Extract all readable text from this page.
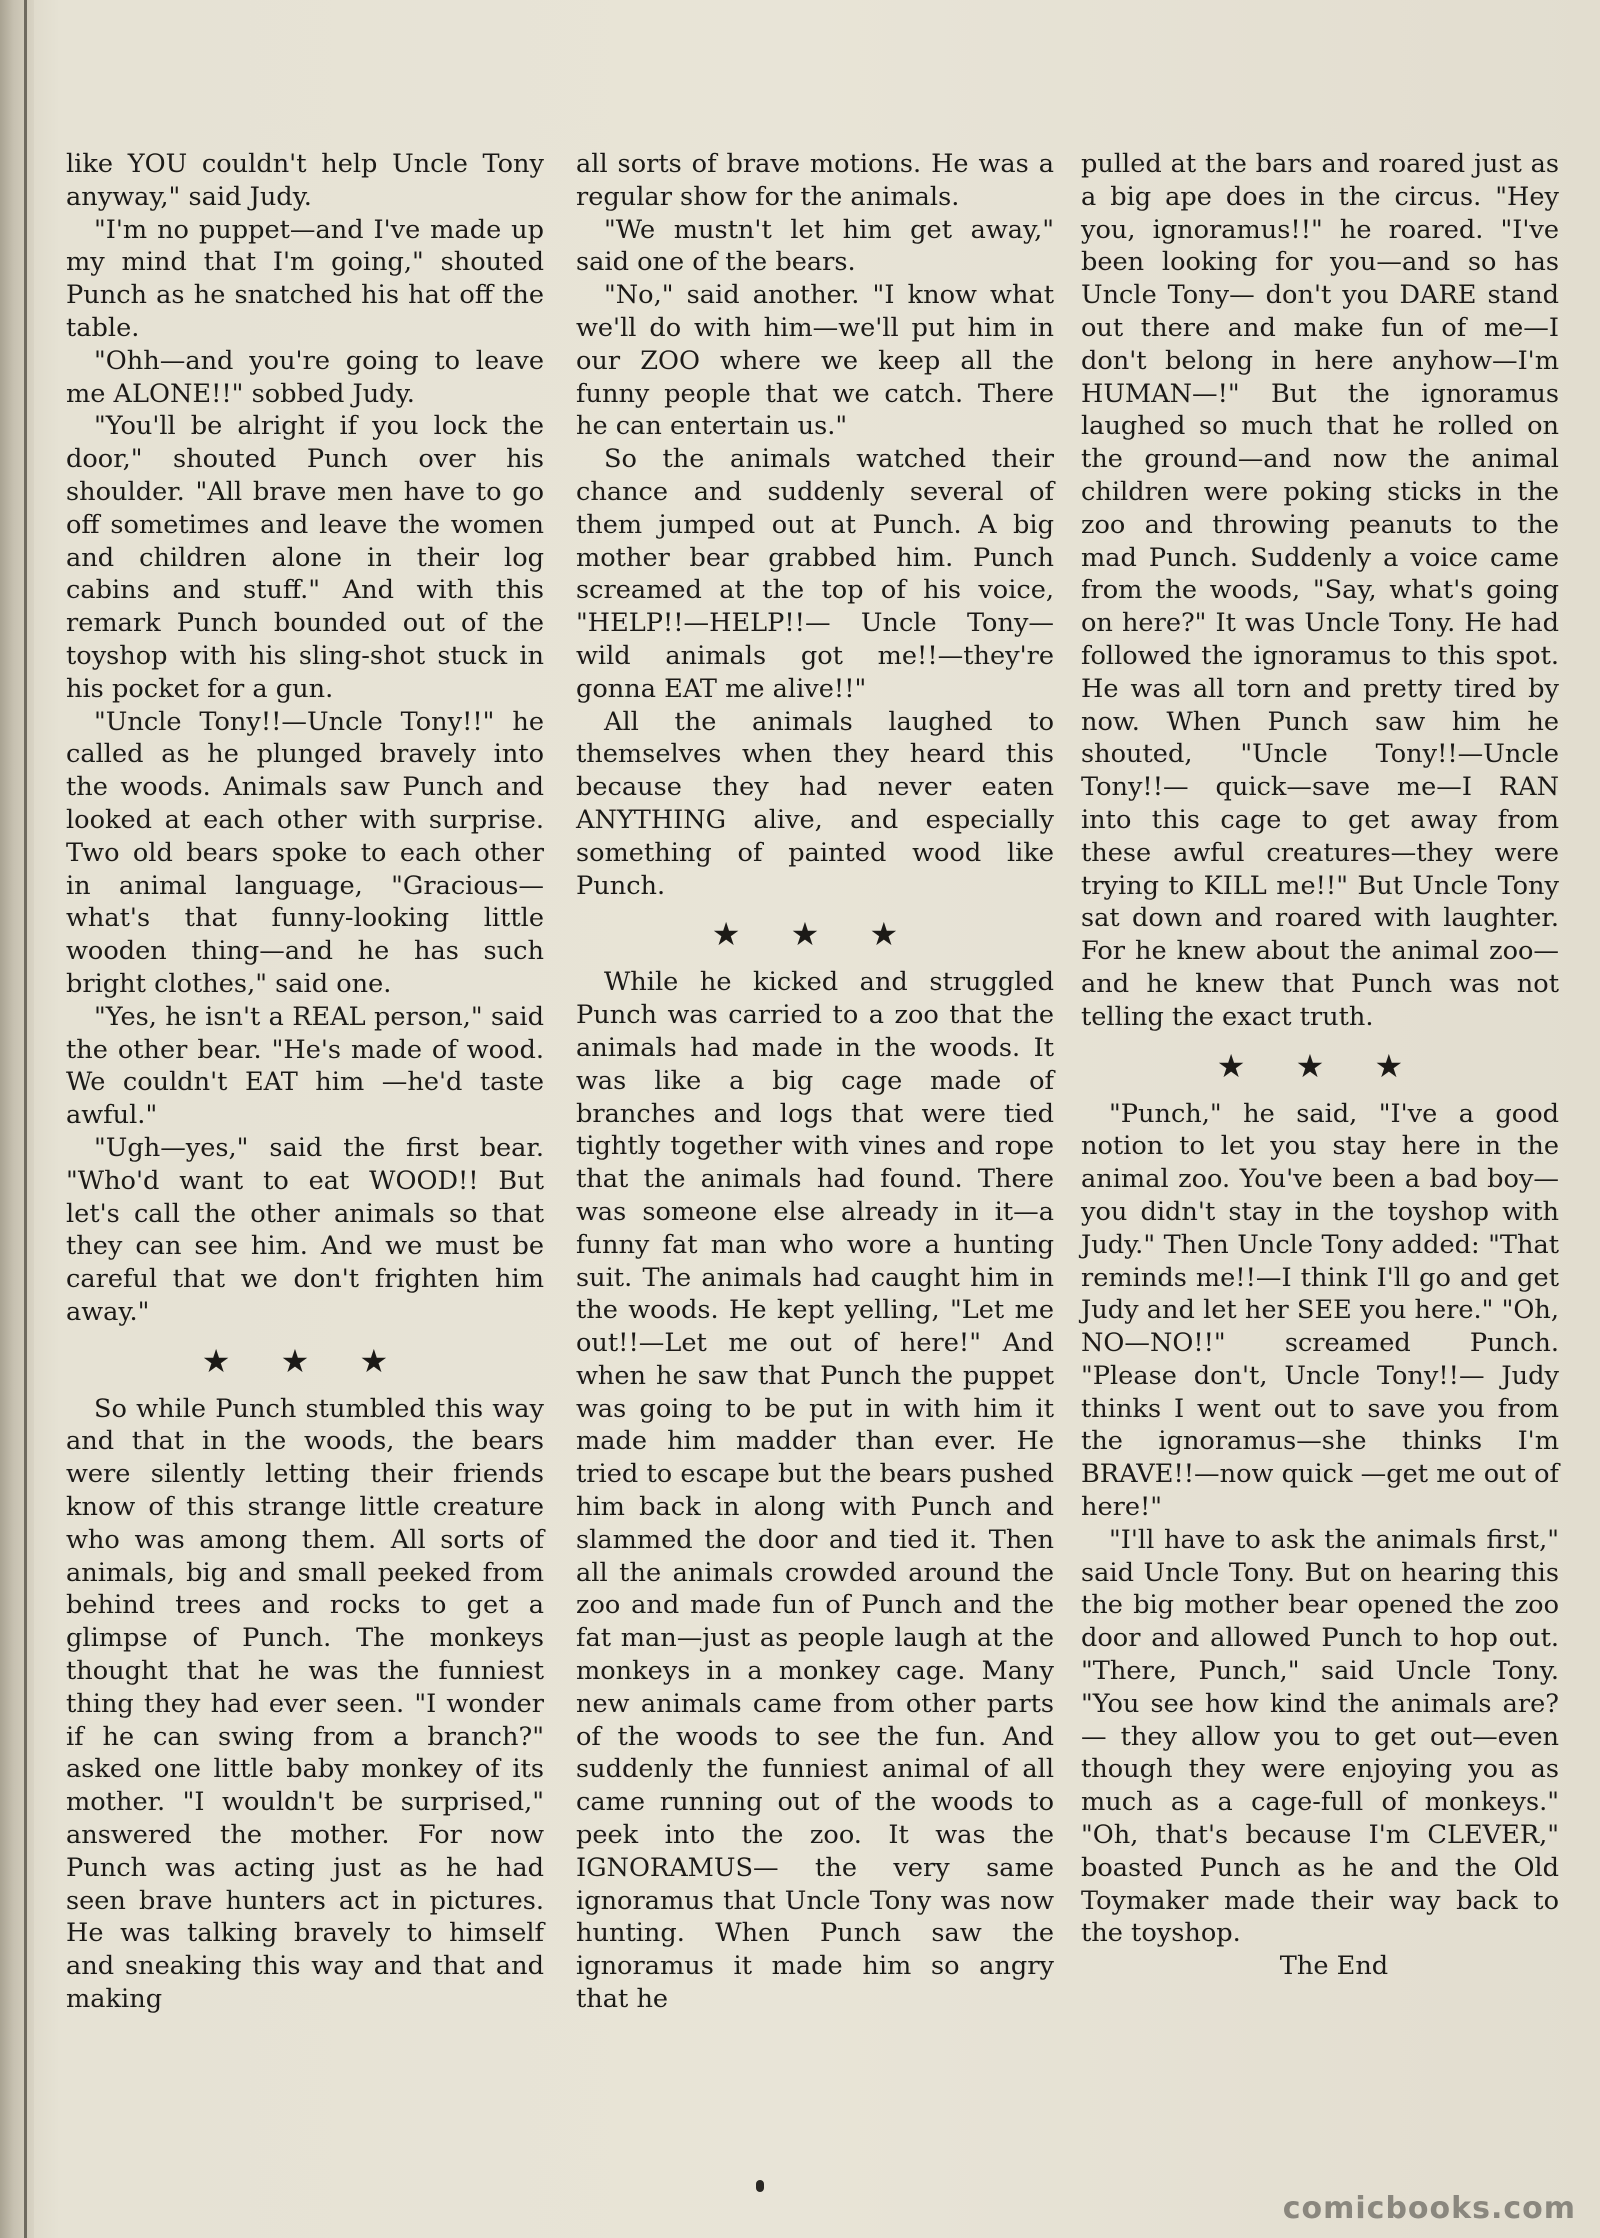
like YOU couldn't help Uncle Tony anyway," said Judy.

"I'm no puppet—and I've made up my mind that I'm going," shouted Punch as he snatched his hat off the table.

"Ohh—and you're going to leave me ALONE!!" sobbed Judy.

"You'll be alright if you lock the door," shouted Punch over his shoulder. "All brave men have to go off sometimes and leave the women and children alone in their log cabins and stuff." And with this remark Punch bounded out of the toyshop with his sling-shot stuck in his pocket for a gun.

"Uncle Tony!!—Uncle Tony!!" he called as he plunged bravely into the woods. Animals saw Punch and looked at each other with surprise. Two old bears spoke to each other in animal language, "Gracious—what's that funny-looking little wooden thing—and he has such bright clothes," said one.

"Yes, he isn't a REAL person," said the other bear. "He's made of wood. We couldn't EAT him —he'd taste awful."

"Ugh—yes," said the first bear. "Who'd want to eat WOOD!! But let's call the other animals so that they can see him. And we must be careful that we don't frighten him away."

★ ★ ★

So while Punch stumbled this way and that in the woods, the bears were silently letting their friends know of this strange little creature who was among them. All sorts of animals, big and small peeked from behind trees and rocks to get a glimpse of Punch. The monkeys thought that he was the funniest thing they had ever seen. "I wonder if he can swing from a branch?" asked one little baby monkey of its mother. "I wouldn't be surprised," answered the mother. For now Punch was acting just as he had seen brave hunters act in pictures. He was talking bravely to himself and sneaking this way and that and making

all sorts of brave motions. He was a regular show for the animals.

"We mustn't let him get away," said one of the bears.

"No," said another. "I know what we'll do with him—we'll put him in our ZOO where we keep all the funny people that we catch. There he can entertain us."

So the animals watched their chance and suddenly several of them jumped out at Punch. A big mother bear grabbed him. Punch screamed at the top of his voice, "HELP!!—HELP!!— Uncle Tony—wild animals got me!!—they're gonna EAT me alive!!"

All the animals laughed to themselves when they heard this because they had never eaten ANYTHING alive, and especially something of painted wood like Punch.

★ ★ ★

While he kicked and struggled Punch was carried to a zoo that the animals had made in the woods. It was like a big cage made of branches and logs that were tied tightly together with vines and rope that the animals had found. There was someone else already in it—a funny fat man who wore a hunting suit. The animals had caught him in the woods. He kept yelling, "Let me out!!—Let me out of here!" And when he saw that Punch the puppet was going to be put in with him it made him madder than ever. He tried to escape but the bears pushed him back in along with Punch and slammed the door and tied it. Then all the animals crowded around the zoo and made fun of Punch and the fat man—just as people laugh at the monkeys in a monkey cage. Many new animals came from other parts of the woods to see the fun. And suddenly the funniest animal of all came running out of the woods to peek into the zoo. It was the IGNORAMUS— the very same ignoramus that Uncle Tony was now hunting. When Punch saw the ignoramus it made him so angry that he

pulled at the bars and roared just as a big ape does in the circus. "Hey you, ignoramus!!" he roared. "I've been looking for you—and so has Uncle Tony— don't you DARE stand out there and make fun of me—I don't belong in here anyhow—I'm HUMAN—!" But the ignoramus laughed so much that he rolled on the ground—and now the animal children were poking sticks in the zoo and throwing peanuts to the mad Punch. Suddenly a voice came from the woods, "Say, what's going on here?" It was Uncle Tony. He had followed the ignoramus to this spot. He was all torn and pretty tired by now. When Punch saw him he shouted, "Uncle Tony!!—Uncle Tony!!— quick—save me—I RAN into this cage to get away from these awful creatures—they were trying to KILL me!!" But Uncle Tony sat down and roared with laughter. For he knew about the animal zoo—and he knew that Punch was not telling the exact truth.

★ ★ ★

"Punch," he said, "I've a good notion to let you stay here in the animal zoo. You've been a bad boy—you didn't stay in the toyshop with Judy." Then Uncle Tony added: "That reminds me!!—I think I'll go and get Judy and let her SEE you here." "Oh, NO—NO!!" screamed Punch. "Please don't, Uncle Tony!!— Judy thinks I went out to save you from the ignoramus—she thinks I'm BRAVE!!—now quick —get me out of here!"

"I'll have to ask the animals first," said Uncle Tony. But on hearing this the big mother bear opened the zoo door and allowed Punch to hop out. "There, Punch," said Uncle Tony. "You see how kind the animals are?— they allow you to get out—even though they were enjoying you as much as a cage-full of monkeys." "Oh, that's because I'm CLEVER," boasted Punch as he and the Old Toymaker made their way back to the toyshop.

The End

comicbooks.com
